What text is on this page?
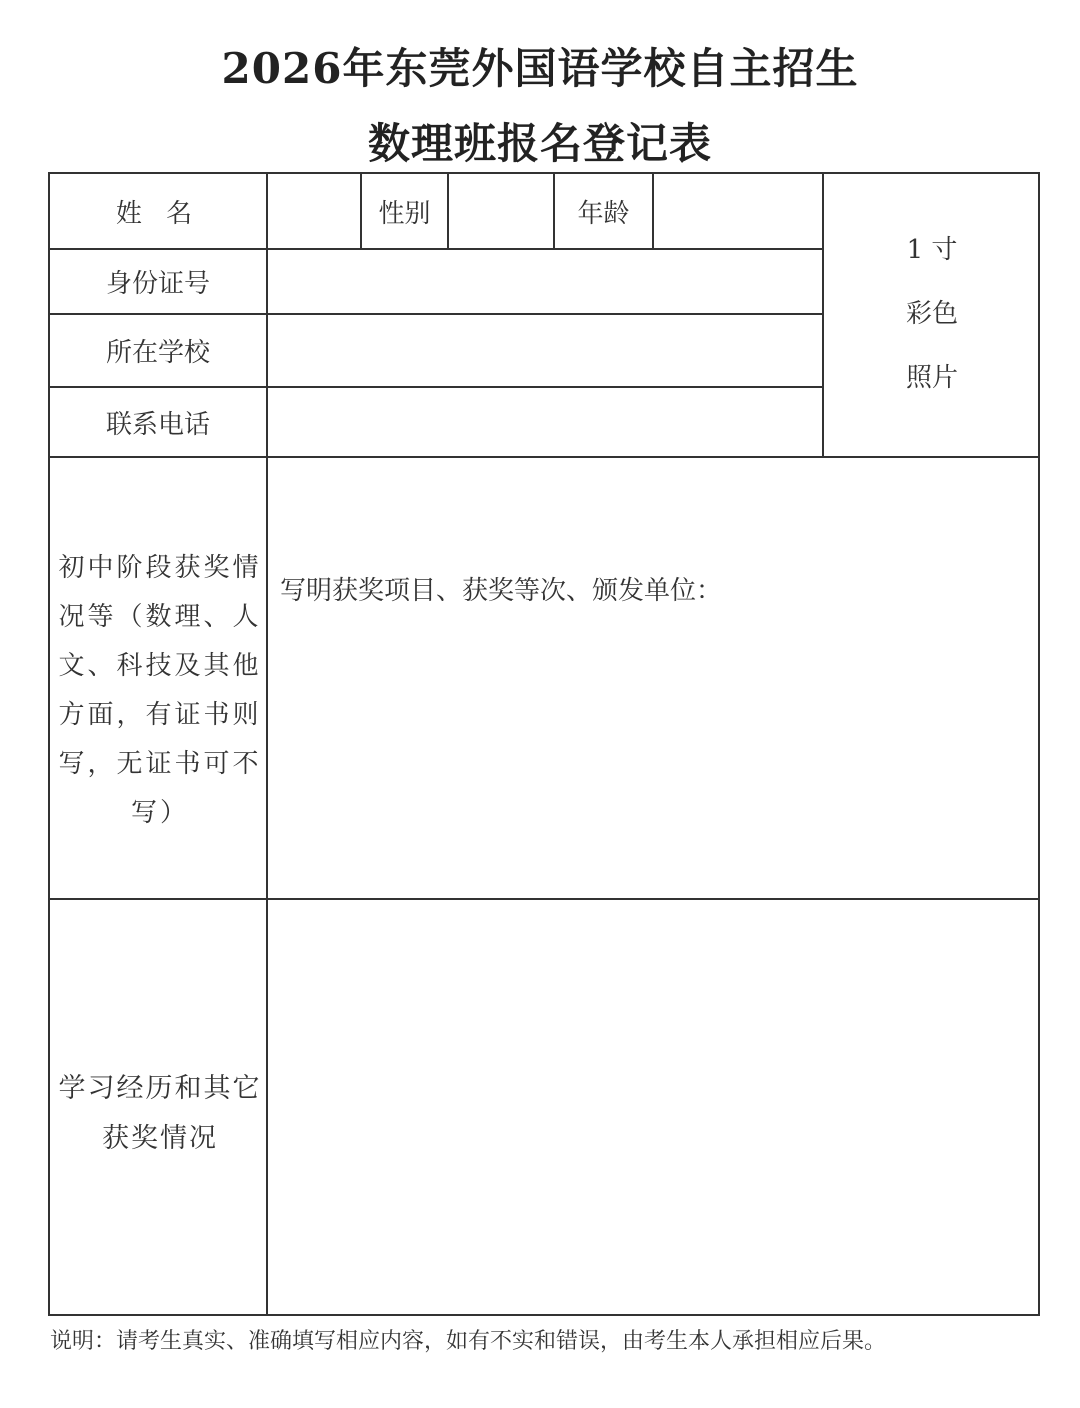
2026年东莞外国语学校自主招生
数理班报名登记表
姓 名	性别	年龄
身份证号
所在学校
联系电话
1 寸
彩色
照片
初中阶段获奖情况等（数理、人文、科技及其他方面，有证书则写，无证书可不写）
写明获奖项目、获奖等次、颁发单位：
学习经历和其它获奖情况
说明：请考生真实、准确填写相应内容，如有不实和错误，由考生本人承担相应后果。
